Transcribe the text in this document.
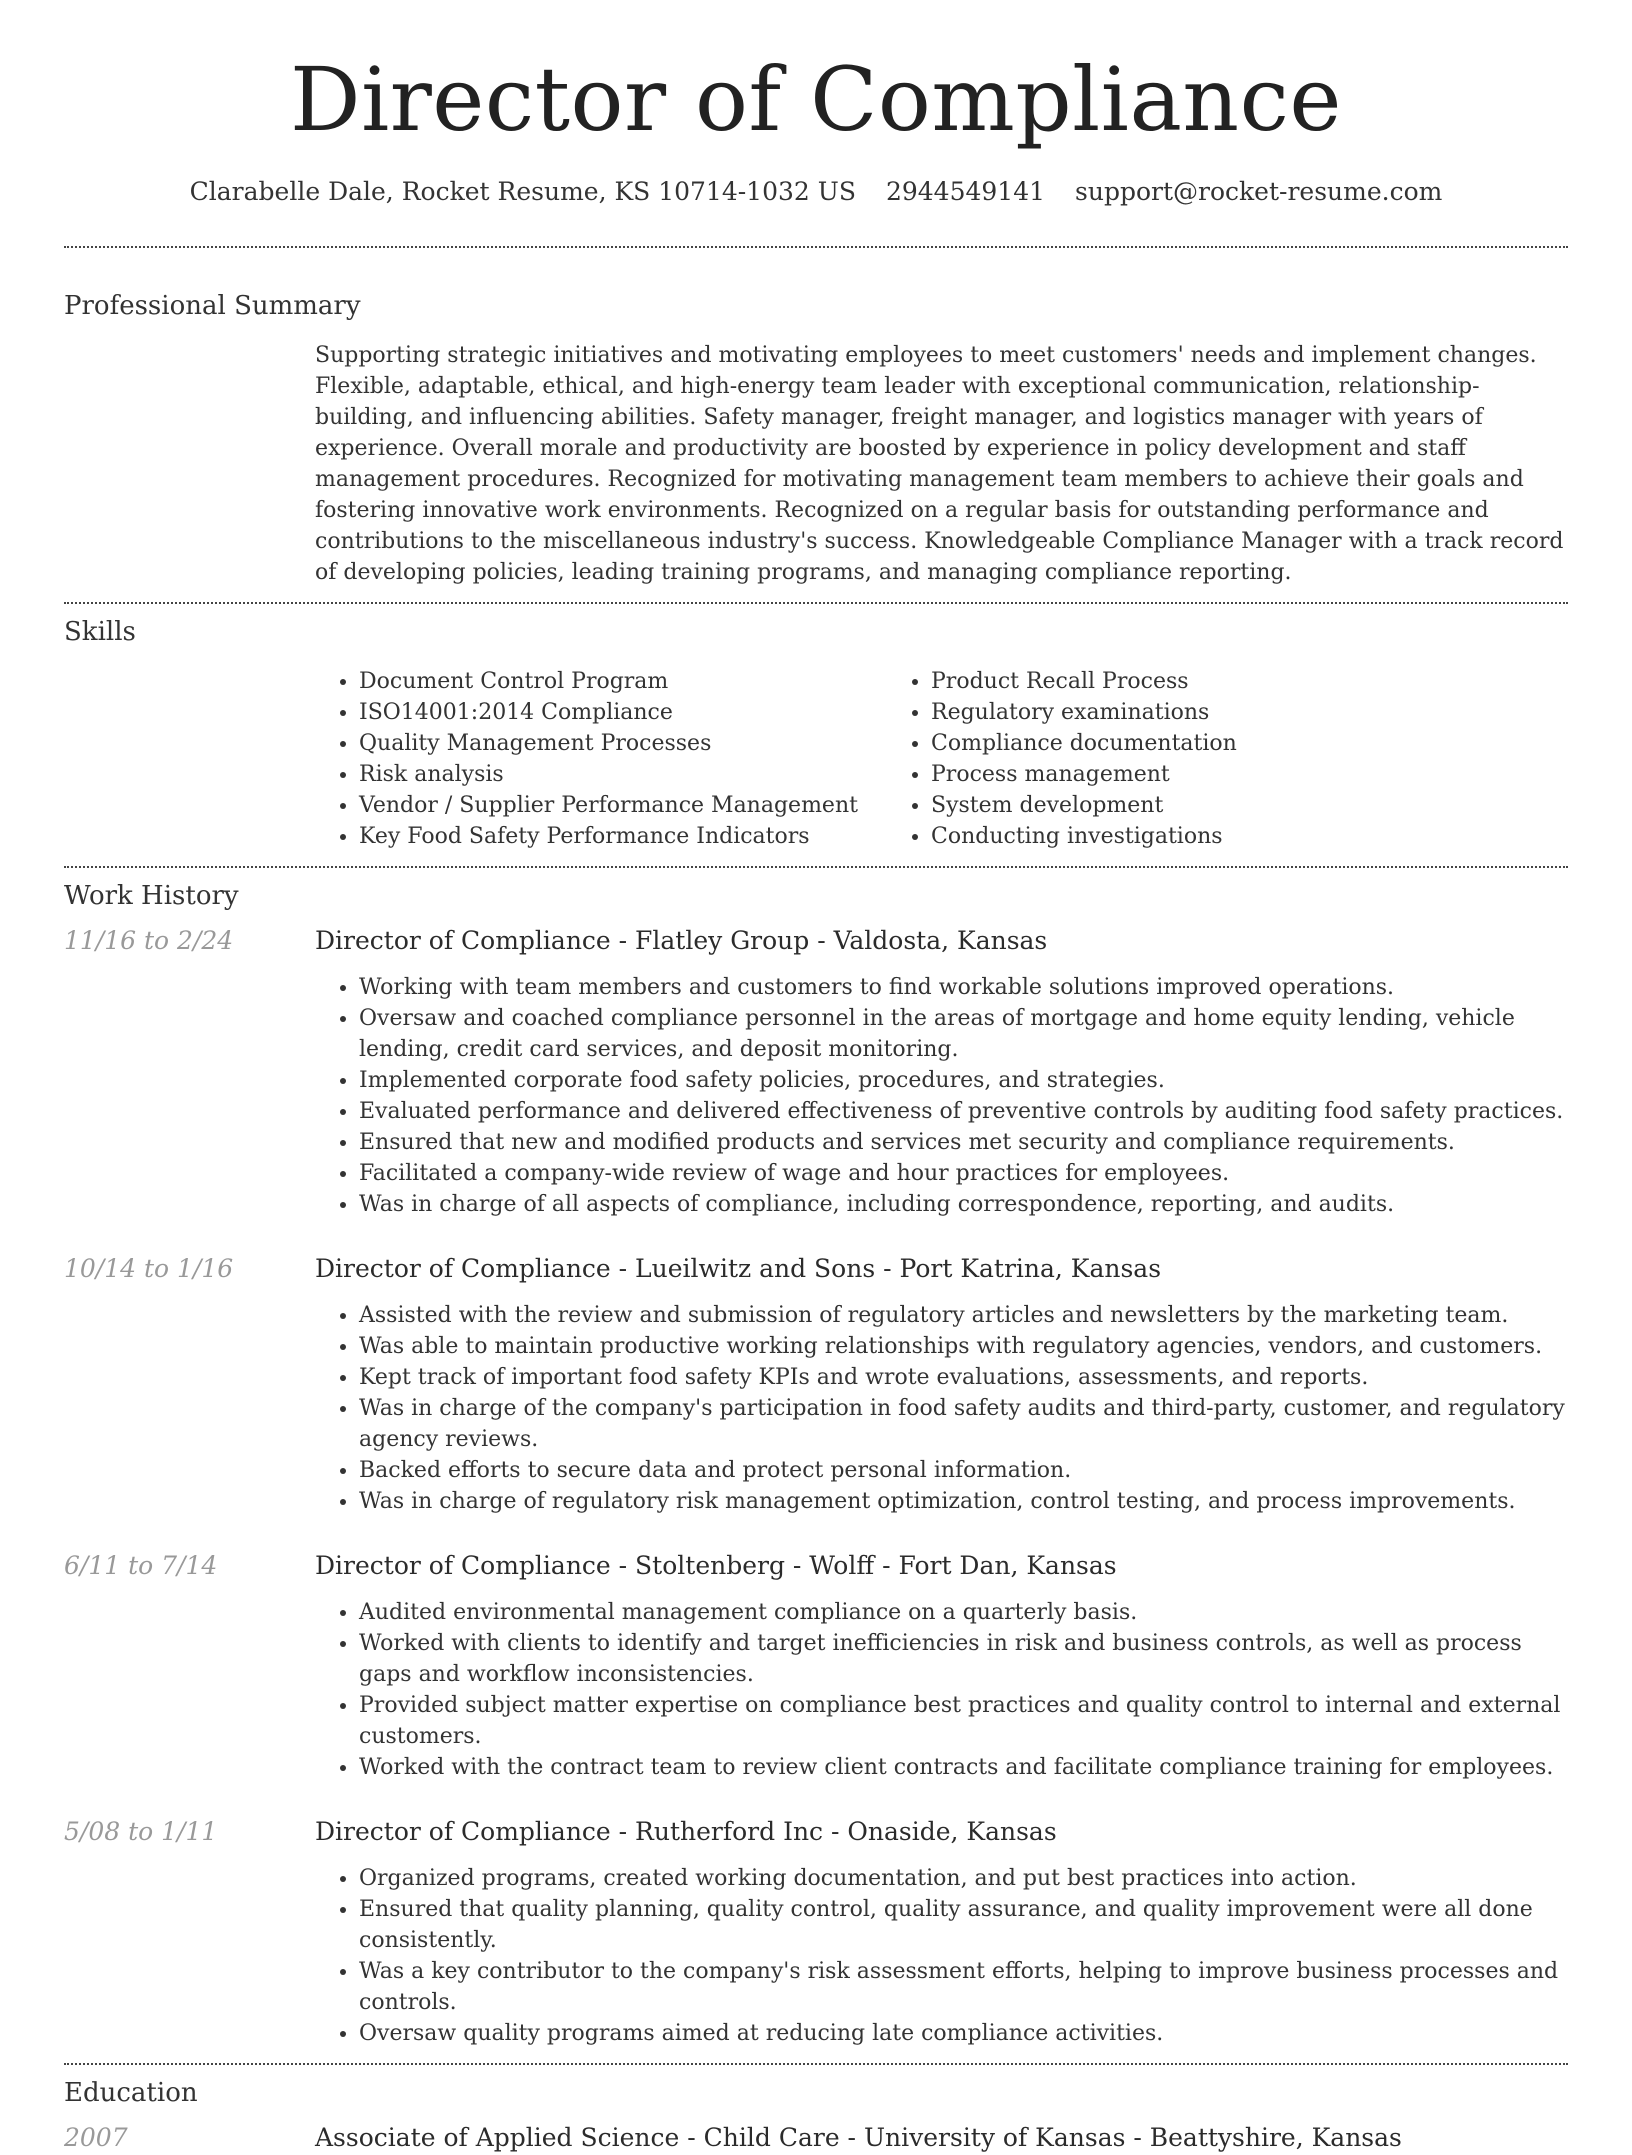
Director of Compliance
Clarabelle Dale, Rocket Resume, KS 10714-1032 US 2944549141 support@rocket-resume.com
Professional Summary

Supporting strategic initiatives and motivating employees to meet customers' needs and implement changes. Flexible, adaptable, ethical, and high-energy team leader with exceptional communication, relationship-building, and influencing abilities. Safety manager, freight manager, and logistics manager with years of experience. Overall morale and productivity are boosted by experience in policy development and staff management procedures. Recognized for motivating management team members to achieve their goals and fostering innovative work environments. Recognized on a regular basis for outstanding performance and contributions to the miscellaneous industry's success. Knowledgeable Compliance Manager with a track record of developing policies, leading training programs, and managing compliance reporting.

Skills
• Document Control Program
• ISO14001:2014 Compliance
• Quality Management Processes
• Risk analysis
• Vendor / Supplier Performance Management
• Key Food Safety Performance Indicators
• Product Recall Process
• Regulatory examinations
• Compliance documentation
• Process management
• System development
• Conducting investigations
Work History
11/16 to 2/24	Director of Compliance - Flatley Group - Valdosta, Kansas

• Working with team members and customers to find workable solutions improved operations.
• Oversaw and coached compliance personnel in the areas of mortgage and home equity lending, vehicle lending, credit card services, and deposit monitoring.
• Implemented corporate food safety policies, procedures, and strategies.
• Evaluated performance and delivered effectiveness of preventive controls by auditing food safety practices.
• Ensured that new and modified products and services met security and compliance requirements.
• Facilitated a company-wide review of wage and hour practices for employees.
• Was in charge of all aspects of compliance, including correspondence, reporting, and audits.
10/14 to 1/16	Director of Compliance - Lueilwitz and Sons - Port Katrina, Kansas

• Assisted with the review and submission of regulatory articles and newsletters by the marketing team.
• Was able to maintain productive working relationships with regulatory agencies, vendors, and customers.
• Kept track of important food safety KPIs and wrote evaluations, assessments, and reports.
• Was in charge of the company's participation in food safety audits and third-party, customer, and regulatory agency reviews.
• Backed efforts to secure data and protect personal information.
• Was in charge of regulatory risk management optimization, control testing, and process improvements.
6/11 to 7/14	Director of Compliance - Stoltenberg - Wolff - Fort Dan, Kansas

• Audited environmental management compliance on a quarterly basis.
• Worked with clients to identify and target inefficiencies in risk and business controls, as well as process gaps and workflow inconsistencies.
• Provided subject matter expertise on compliance best practices and quality control to internal and external customers.
• Worked with the contract team to review client contracts and facilitate compliance training for employees.
5/08 to 1/11	Director of Compliance - Rutherford Inc - Onaside, Kansas

• Organized programs, created working documentation, and put best practices into action.
• Ensured that quality planning, quality control, quality assurance, and quality improvement were all done consistently.
• Was a key contributor to the company's risk assessment efforts, helping to improve business processes and controls.
• Oversaw quality programs aimed at reducing late compliance activities.
Education
2007	Associate of Applied Science - Child Care - University of Kansas - Beattyshire, Kansas
